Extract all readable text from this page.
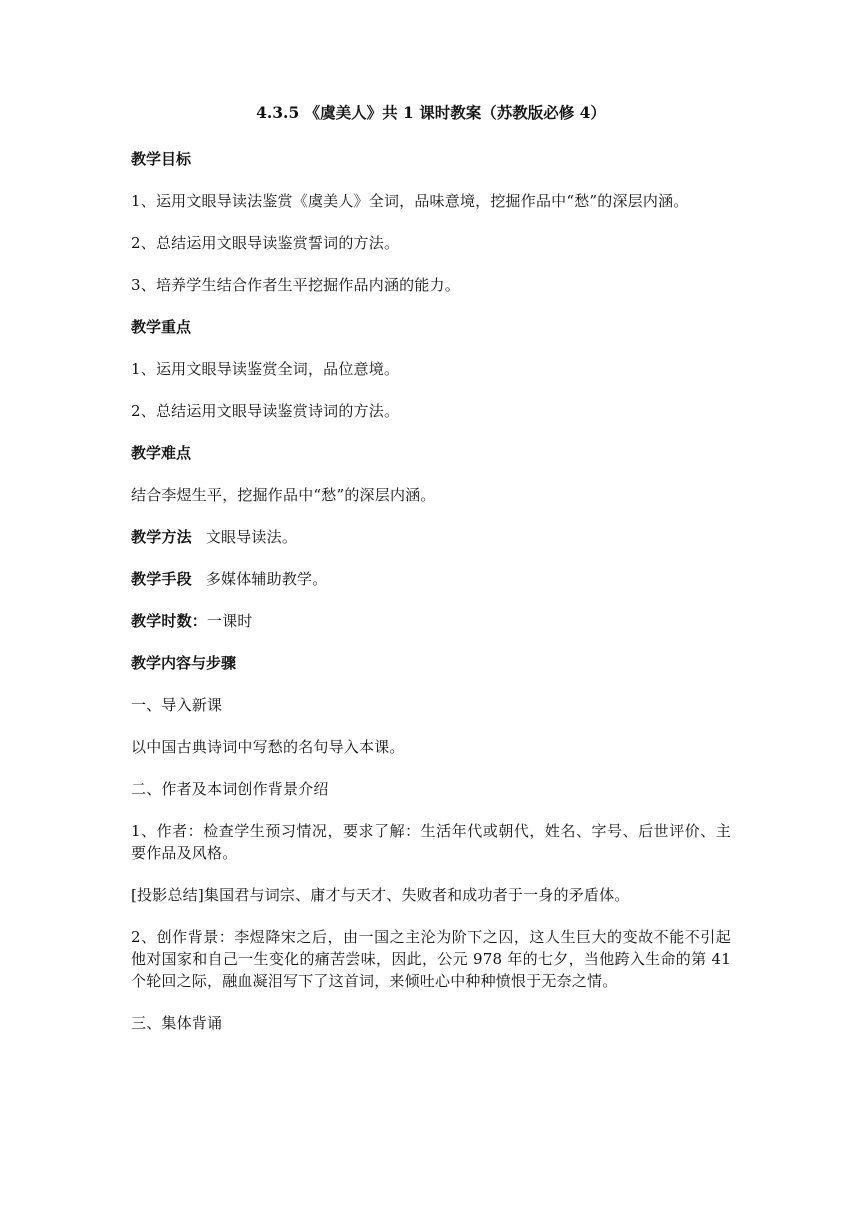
4.3.5 《虞美人》共 1 课时教案（苏教版必修 4）
教学目标
1、运用文眼导读法鉴赏《虞美人》全词，品味意境，挖掘作品中“愁”的深层内涵。
2、总结运用文眼导读鉴赏誓词的方法。
3、培养学生结合作者生平挖掘作品内涵的能力。
教学重点
1、运用文眼导读鉴赏全词，品位意境。
2、总结运用文眼导读鉴赏诗词的方法。
教学难点
结合李煜生平，挖掘作品中“愁”的深层内涵。
教学方法 文眼导读法。
教学手段 多媒体辅助教学。
教学时数：一课时
教学内容与步骤
一、导入新课
以中国古典诗词中写愁的名句导入本课。
二、作者及本词创作背景介绍
1、作者：检查学生预习情况，要求了解：生活年代或朝代，姓名、字号、后世评价、主要作品及风格。
[投影总结]集国君与词宗、庸才与天才、失败者和成功者于一身的矛盾体。
2、创作背景：李煜降宋之后，由一国之主沦为阶下之囚，这人生巨大的变故不能不引起他对国家和自己一生变化的痛苦尝味，因此，公元 978 年的七夕，当他跨入生命的第 41 个轮回之际，融血凝泪写下了这首词，来倾吐心中种种愤恨于无奈之情。
三、集体背诵
